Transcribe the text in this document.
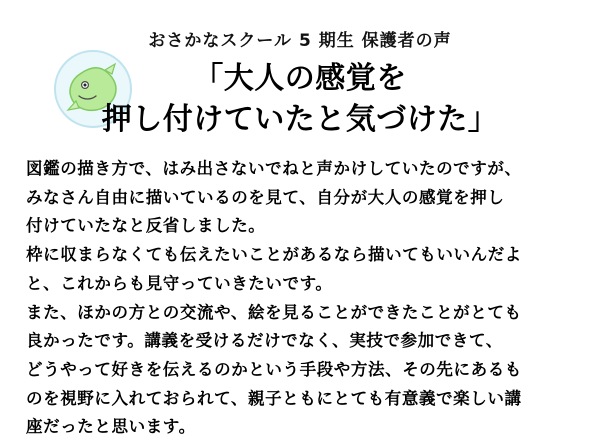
おさかなスクール 5 期生 保護者の声
「大人の感覚を
押し付けていたと気づけた」
図鑑の描き方で、はみ出さないでねと声かけしていたのですが、
みなさん自由に描いているのを見て、自分が大人の感覚を押し
付けていたなと反省しました。
枠に収まらなくても伝えたいことがあるなら描いてもいいんだよ
と、これからも見守っていきたいです。
また、ほかの方との交流や、絵を見ることができたことがとても
良かったです。講義を受けるだけでなく、実技で参加できて、
どうやって好きを伝えるのかという手段や方法、その先にあるも
のを視野に入れておられて、親子ともにとても有意義で楽しい講
座だったと思います。
